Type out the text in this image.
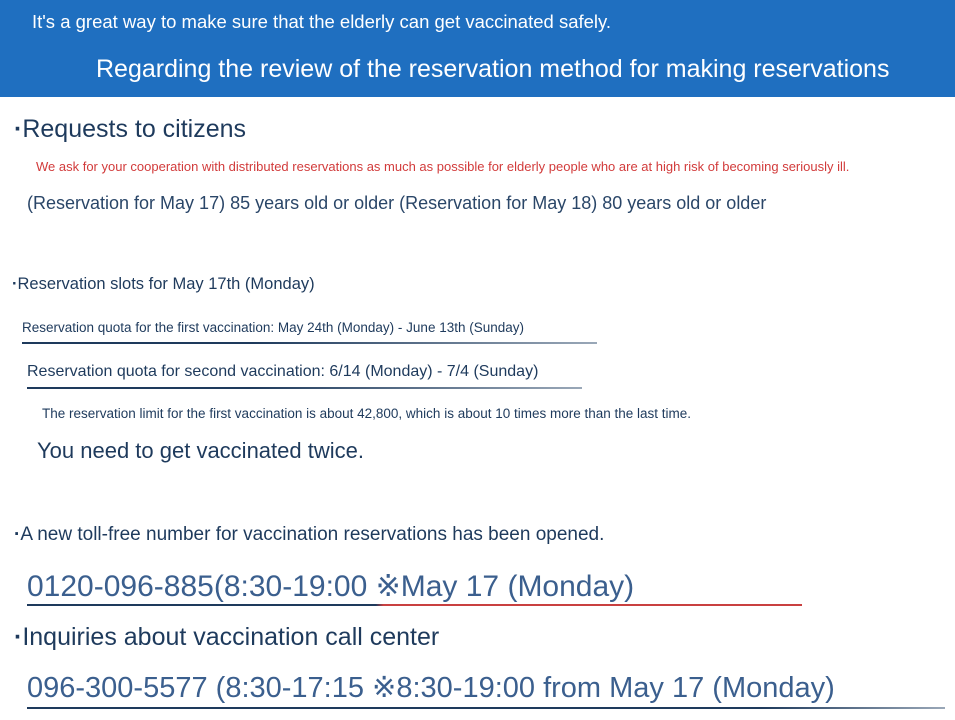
It's a great way to make sure that the elderly can get vaccinated safely.
Regarding the review of the reservation method for making reservations
·Requests to citizens
We ask for your cooperation with distributed reservations as much as possible for elderly people who are at high risk of becoming seriously ill.
(Reservation for May 17) 85 years old or older (Reservation for May 18) 80 years old or older
·Reservation slots for May 17th (Monday)
Reservation quota for the first vaccination: May 24th (Monday) - June 13th (Sunday)
Reservation quota for second vaccination: 6/14 (Monday) - 7/4 (Sunday)
The reservation limit for the first vaccination is about 42,800, which is about 10 times more than the last time.
You need to get vaccinated twice.
·A new toll-free number for vaccination reservations has been opened.
0120-096-885(8:30-19:00 ※May 17 (Monday)
·Inquiries about vaccination call center
096-300-5577 (8:30-17:15 ※8:30-19:00 from May 17 (Monday)
